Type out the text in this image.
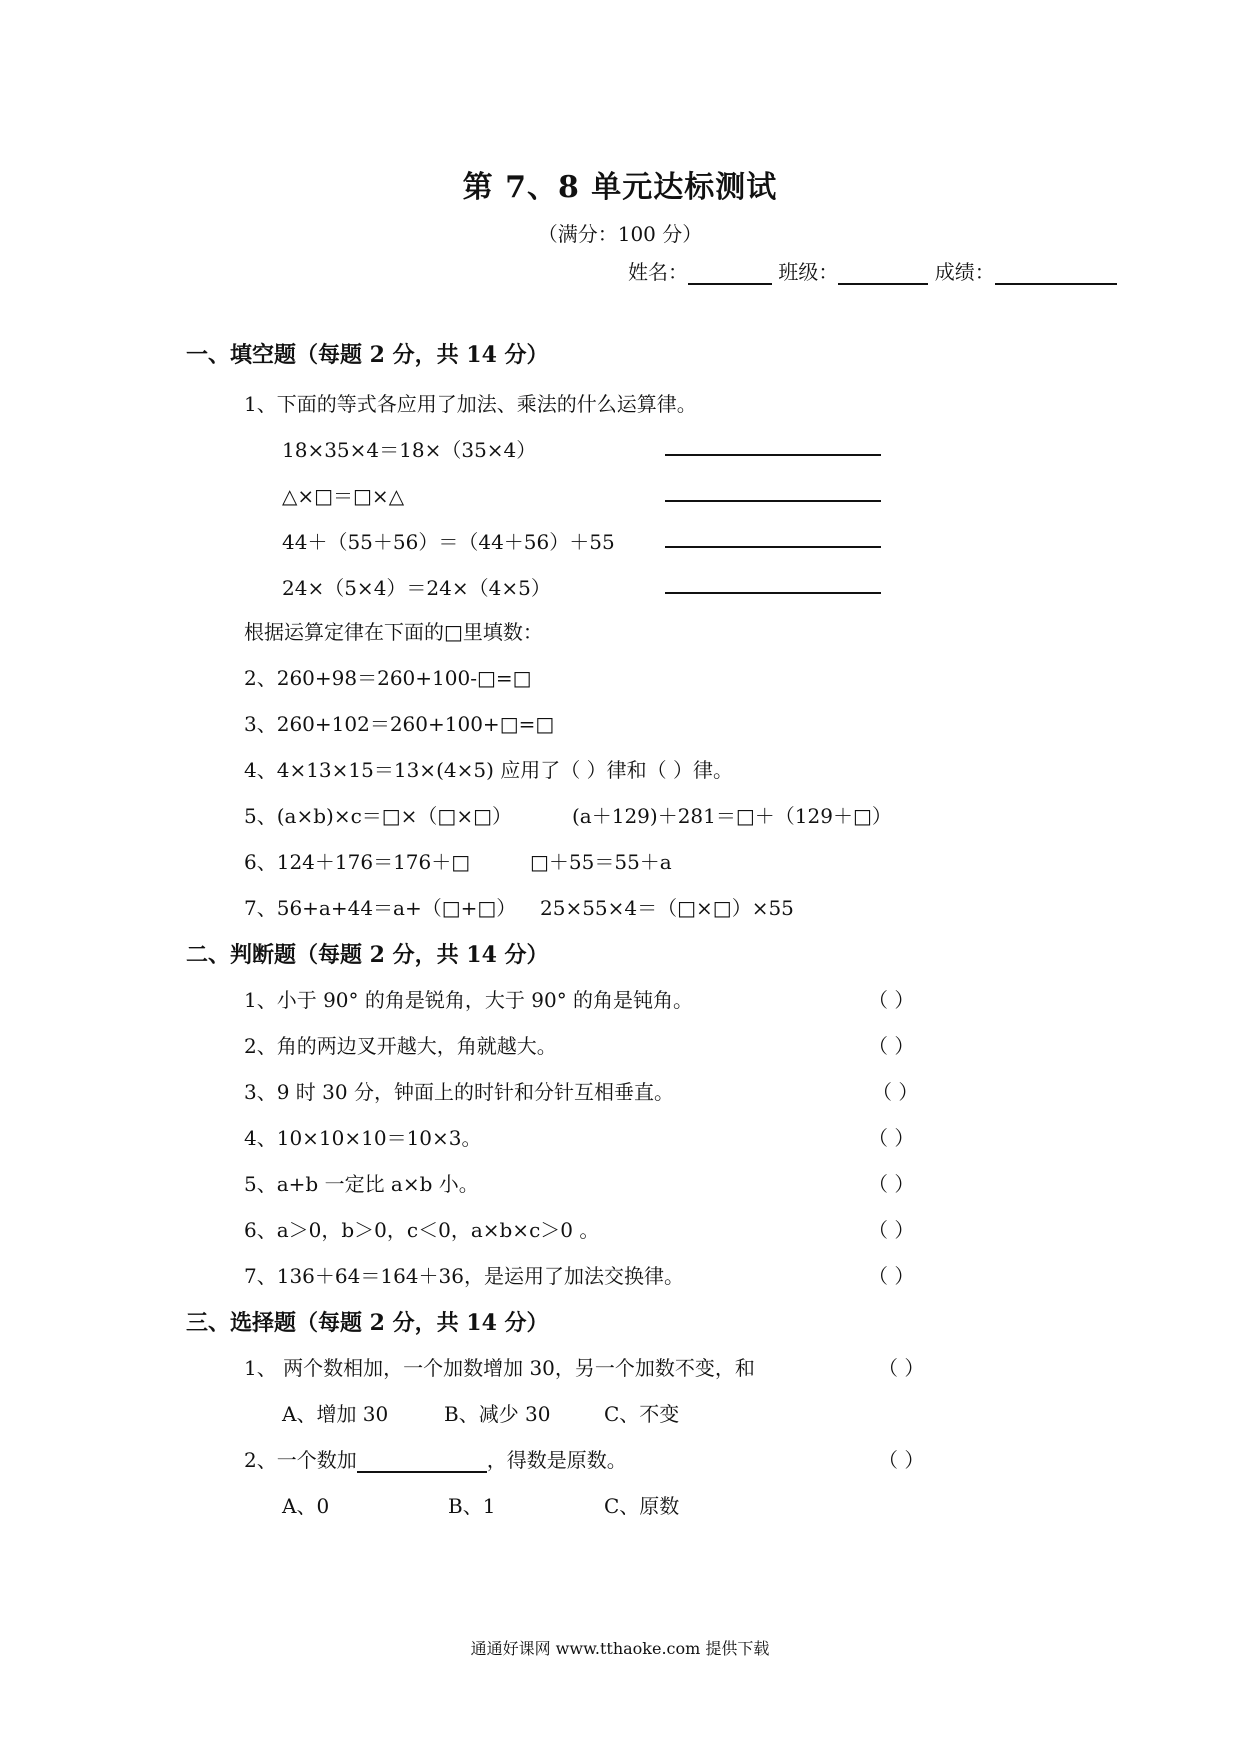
第 7、8 单元达标测试
（满分：100 分）
姓名：	班级：	成绩：
一、填空题（每题 2 分，共 14 分）
1、下面的等式各应用了加法、乘法的什么运算律。
18×35×4＝18×（35×4）
△×□＝□×△
44＋（55＋56）＝（44＋56）＋55
24×（5×4）＝24×（4×5）
根据运算定律在下面的□里填数：
2、260+98＝260+100-□=□
3、260+102＝260+100+□=□
4、4×13×15＝13×(4×5) 应用了（ ）律和（ ）律。
5、(a×b)×c＝□×（□×□）	(a＋129)＋281＝□＋（129＋□）
6、124＋176＝176＋□	□＋55＝55＋a
7、56+a+44＝a+（□+□） 25×55×4＝（□×□）×55
二、判断题（每题 2 分，共 14 分）
1、小于 90° 的角是锐角，大于 90° 的角是钝角。	（ ）
2、角的两边叉开越大，角就越大。	（ ）
3、9 时 30 分，钟面上的时针和分针互相垂直。	（ ）
4、10×10×10＝10×3。	（ ）
5、a+b 一定比 a×b 小。	（ ）
6、a＞0，b＞0，c＜0，a×b×c＞0 。	（ ）
7、136＋64＝164＋36，是运用了加法交换律。	（ ）
三、选择题（每题 2 分，共 14 分）
1、 两个数相加，一个加数增加 30，另一个加数不变，和	（ ）
A、增加 30	B、减少 30	C、不变
2、一个数加	，得数是原数。	（ ）
A、0	B、1	C、原数
通通好课网 www.tthaoke.com 提供下载
